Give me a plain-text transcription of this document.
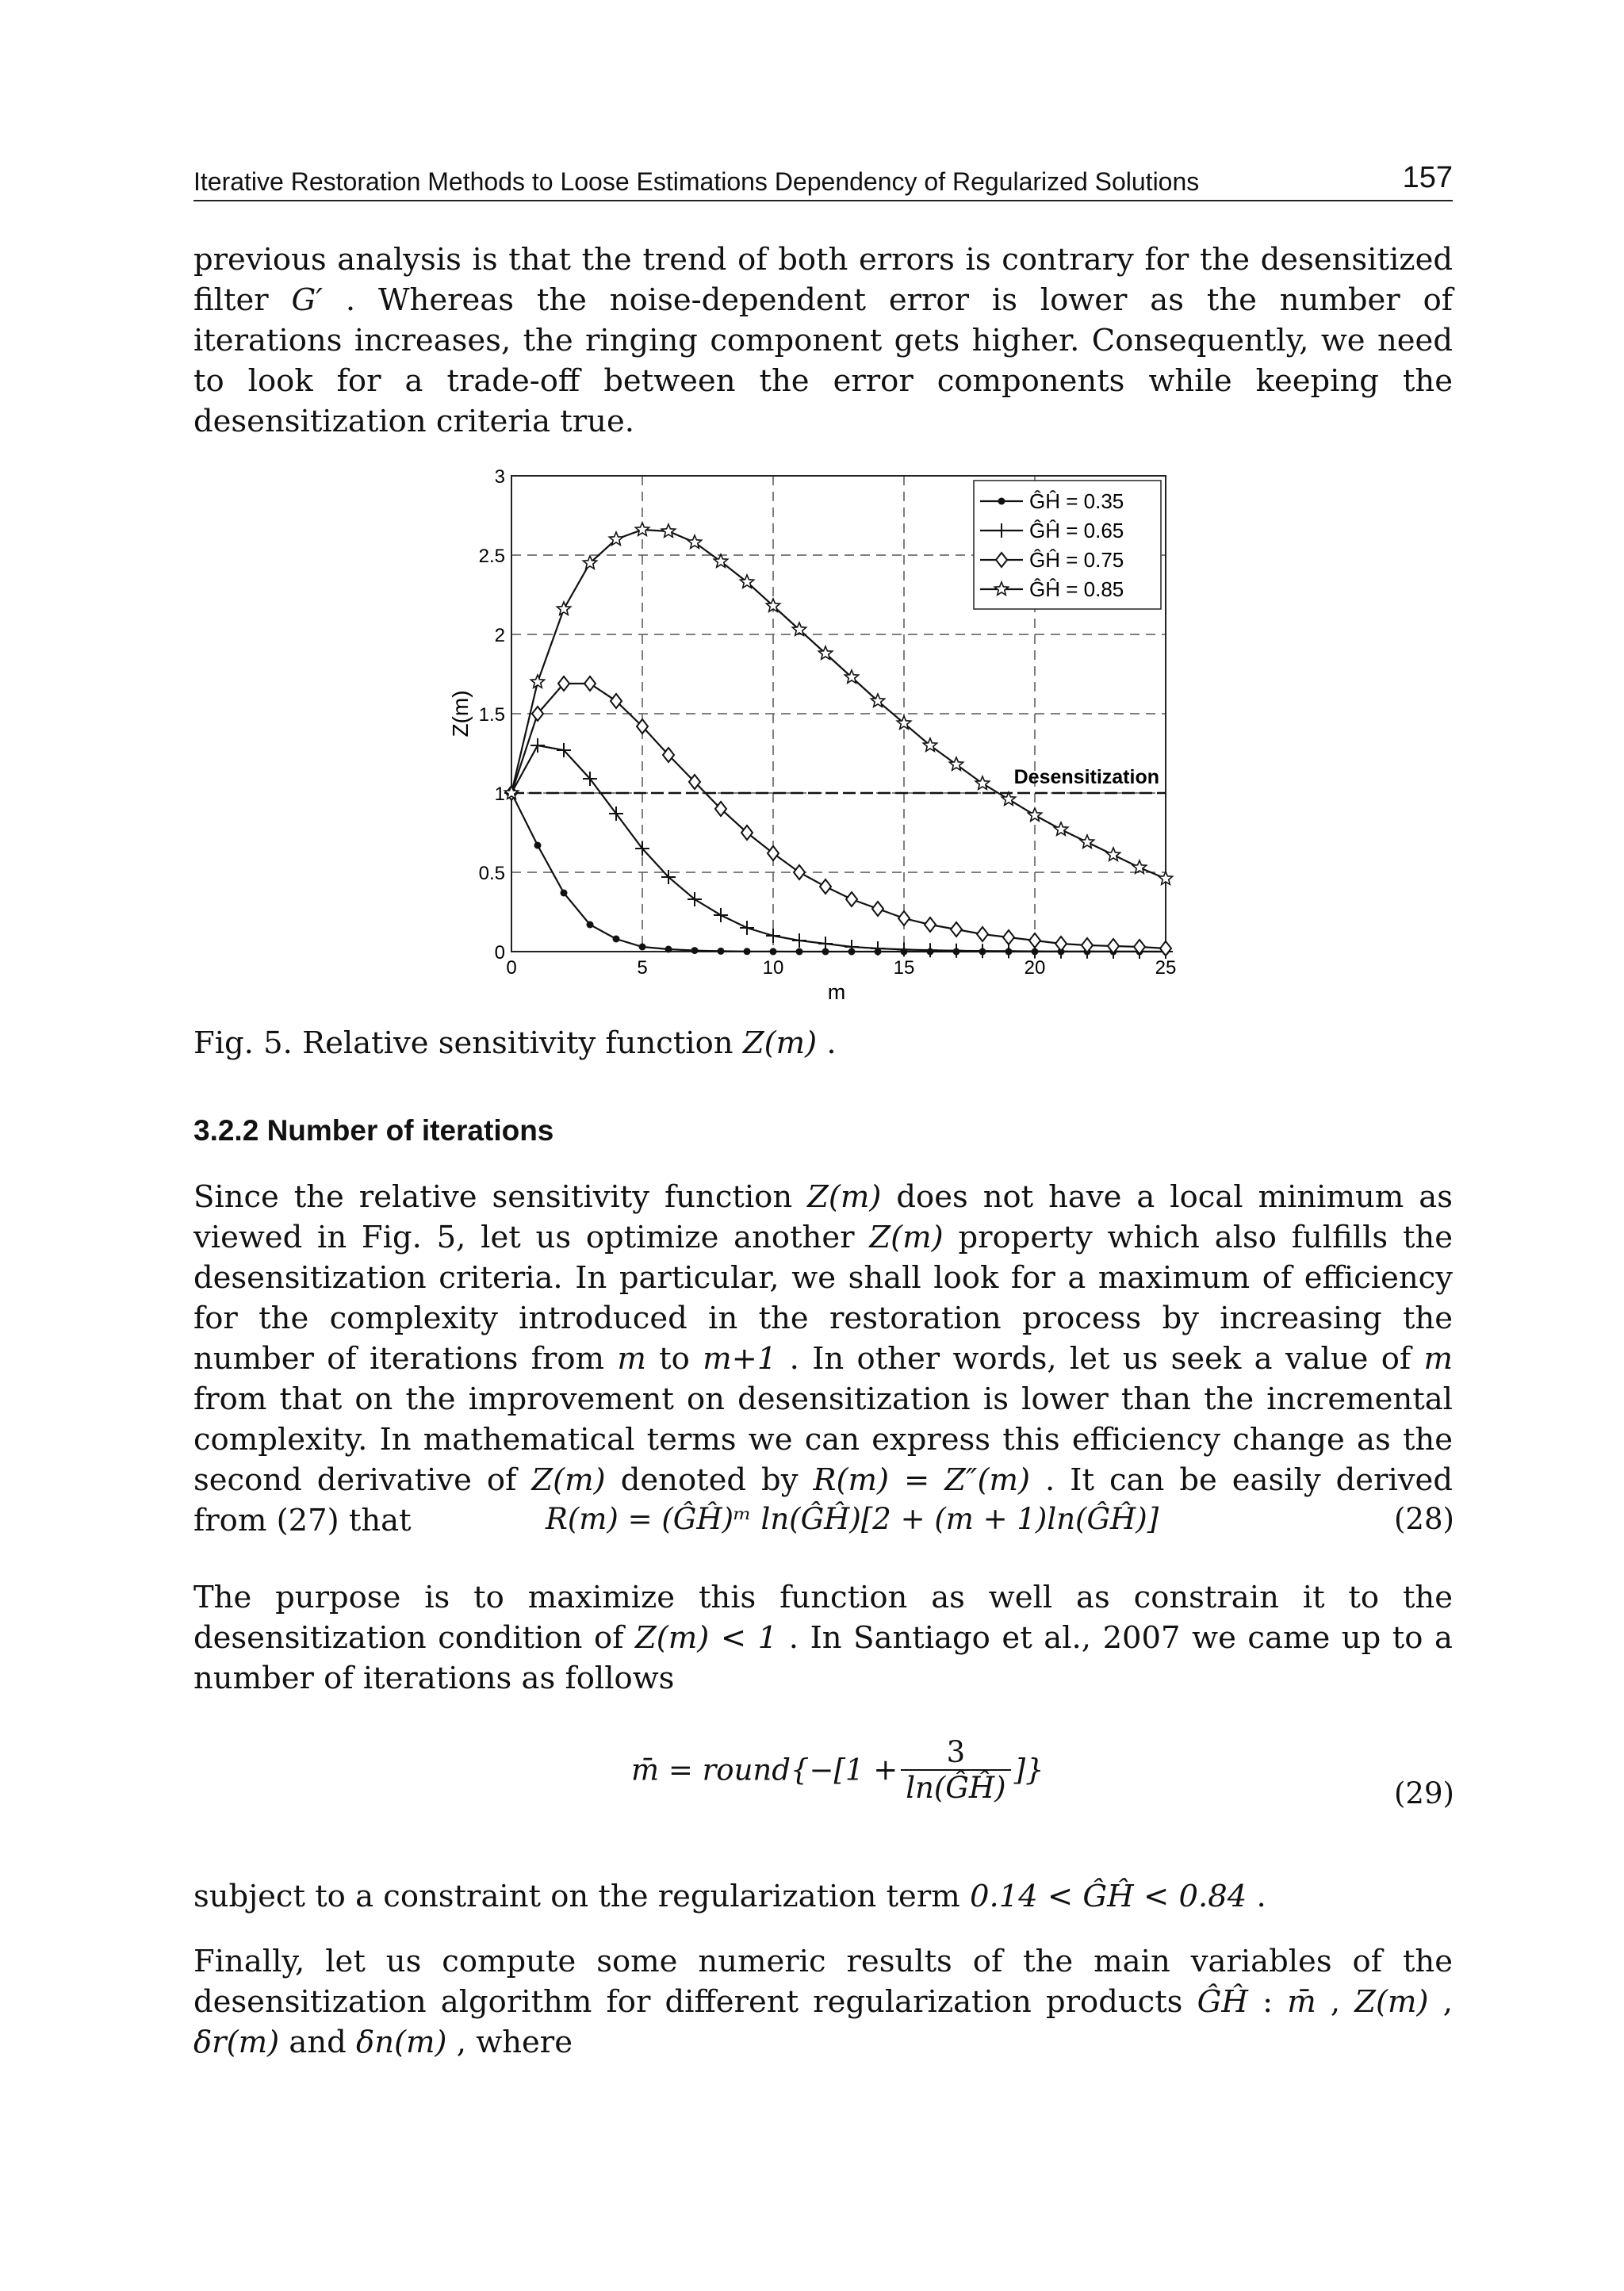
Iterative Restoration Methods to Loose Estimations Dependency of Regularized Solutions	157

previous analysis is that the trend of both errors is contrary for the desensitized filter G′ . Whereas the noise-dependent error is lower as the number of iterations increases, the ringing component gets higher. Consequently, we need to look for a trade-off between the error components while keeping the desensitization criteria true.

Desensitization
0
0.5
1
1.5
2
2.5
3
0	5	10	15	20	25
m
Z(m)
ĜĤ = 0.35
ĜĤ = 0.65
ĜĤ = 0.75
ĜĤ = 0.85
Fig. 5. Relative sensitivity function Z(m) .
3.2.2 Number of iterations

Since the relative sensitivity function Z(m) does not have a local minimum as viewed in Fig. 5, let us optimize another Z(m) property which also fulfills the desensitization criteria. In particular, we shall look for a maximum of efficiency for the complexity introduced in the restoration process by increasing the number of iterations from m to m+1 . In other words, let us seek a value of m from that on the improvement on desensitization is lower than the incremental complexity. In mathematical terms we can express this efficiency change as the second derivative of Z(m) denoted by R(m) = Z″(m) . It can be easily derived from (27) that	R(m) = (ĜĤ)ᵐ ln(ĜĤ)[2 + (m + 1)ln(ĜĤ)]	(28)

The purpose is to maximize this function as well as constrain it to the desensitization condition of Z(m) < 1 . In Santiago et al., 2007 we came up to a number of iterations as follows

m̄ = round{−[1 + $\frac{3}{\ln(ĜĤ)}$ ]}
(29)

subject to a constraint on the regularization term 0.14 < ĜĤ < 0.84 .

Finally, let us compute some numeric results of the main variables of the desensitization algorithm for different regularization products ĜĤ : m̄ , Z(m) , δr(m) and δn(m) , where
